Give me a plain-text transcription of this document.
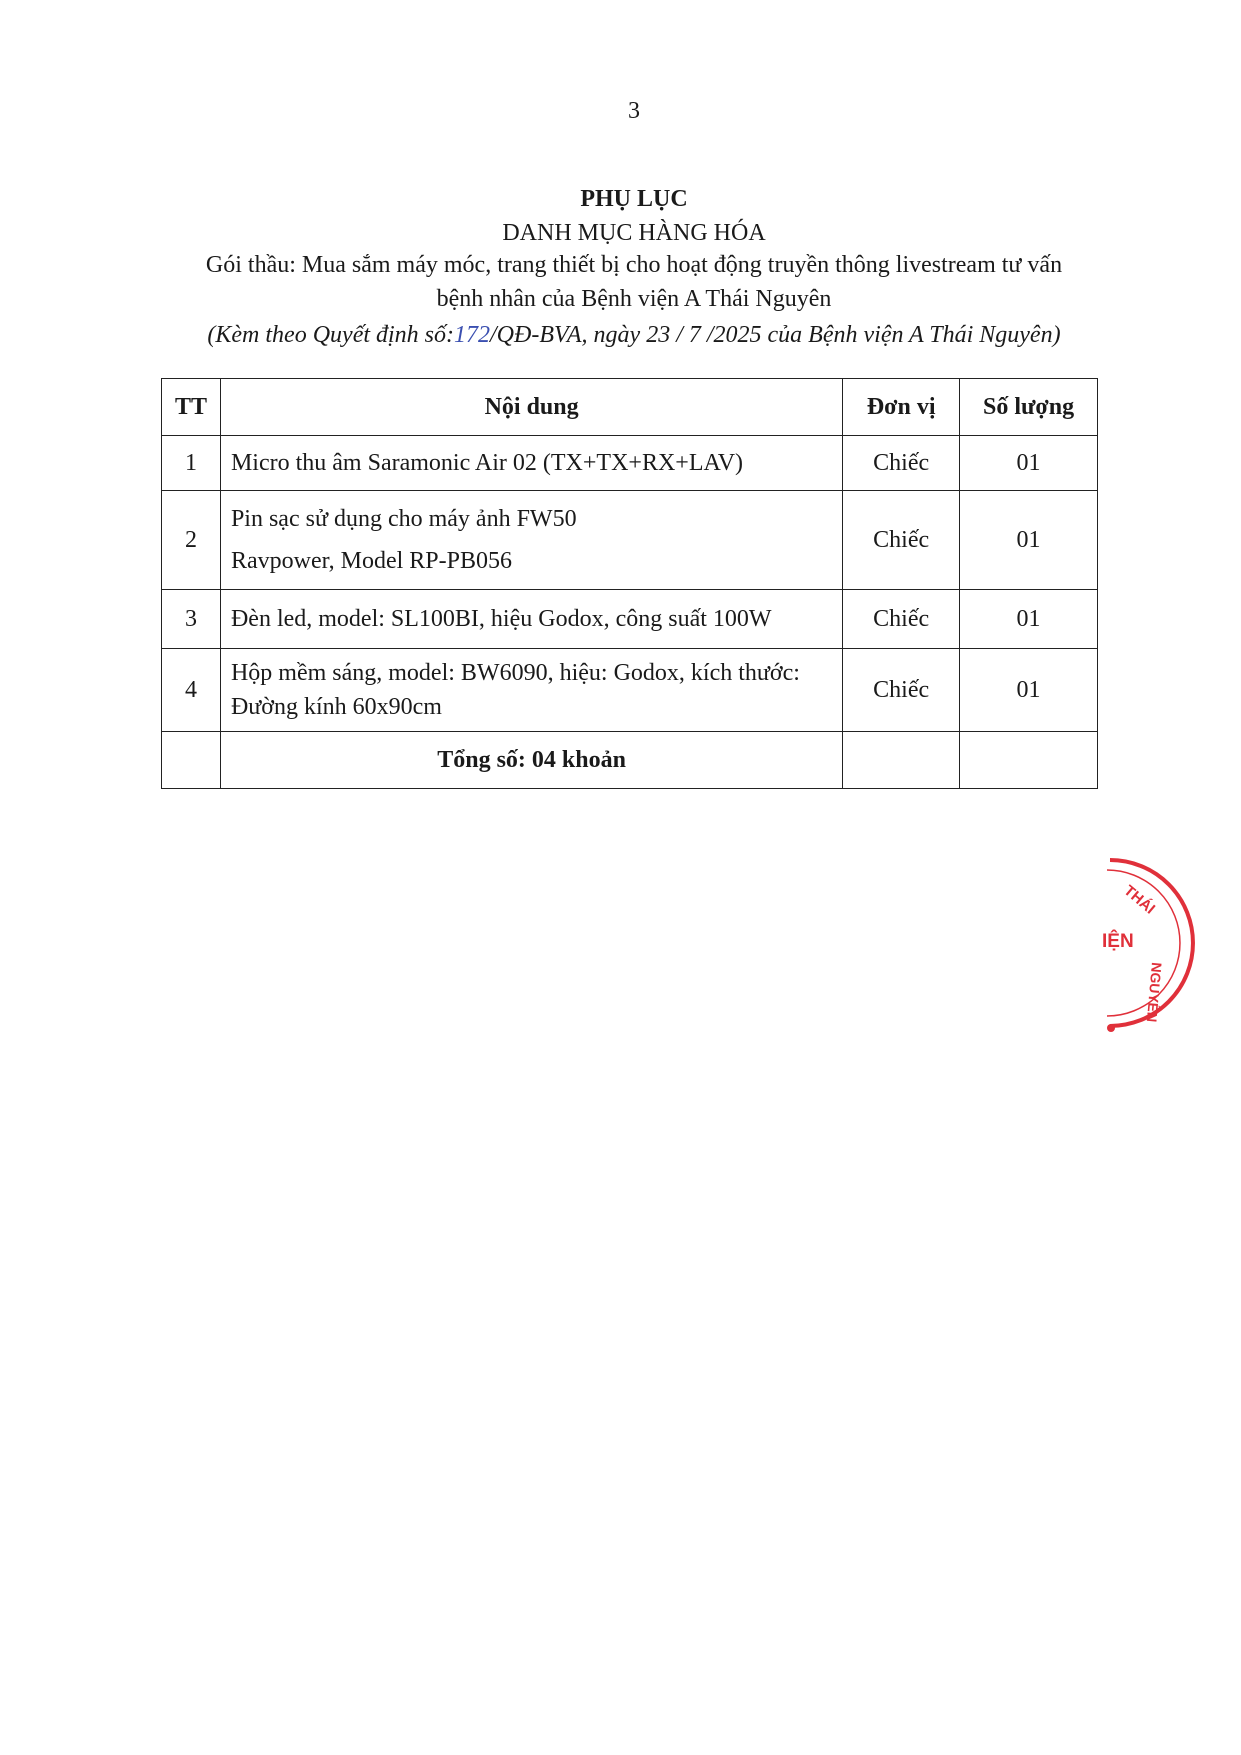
3
PHỤ LỤC
DANH MỤC HÀNG HÓA
Gói thầu: Mua sắm máy móc, trang thiết bị cho hoạt động truyền thông livestream tư vấn
bệnh nhân của Bệnh viện A Thái Nguyên
(Kèm theo Quyết định số:172/QĐ-BVA, ngày 23 / 7 /2025 của Bệnh viện A Thái Nguyên)
TT	Nội dung	Đơn vị	Số lượng
1	Micro thu âm Saramonic Air 02 (TX+TX+RX+LAV)	Chiếc	01
2	Pin sạc sử dụng cho máy ảnh FW50
Ravpower, Model RP-PB056	Chiếc	01
3	Đèn led, model: SL100BI, hiệu Godox, công suất 100W	Chiếc	01
4	Hộp mềm sáng, model: BW6090, hiệu: Godox, kích thước:
Đường kính 60x90cm	Chiếc	01
	Tổng số: 04 khoản		
THÁI
IỆN
NGUYÊN
